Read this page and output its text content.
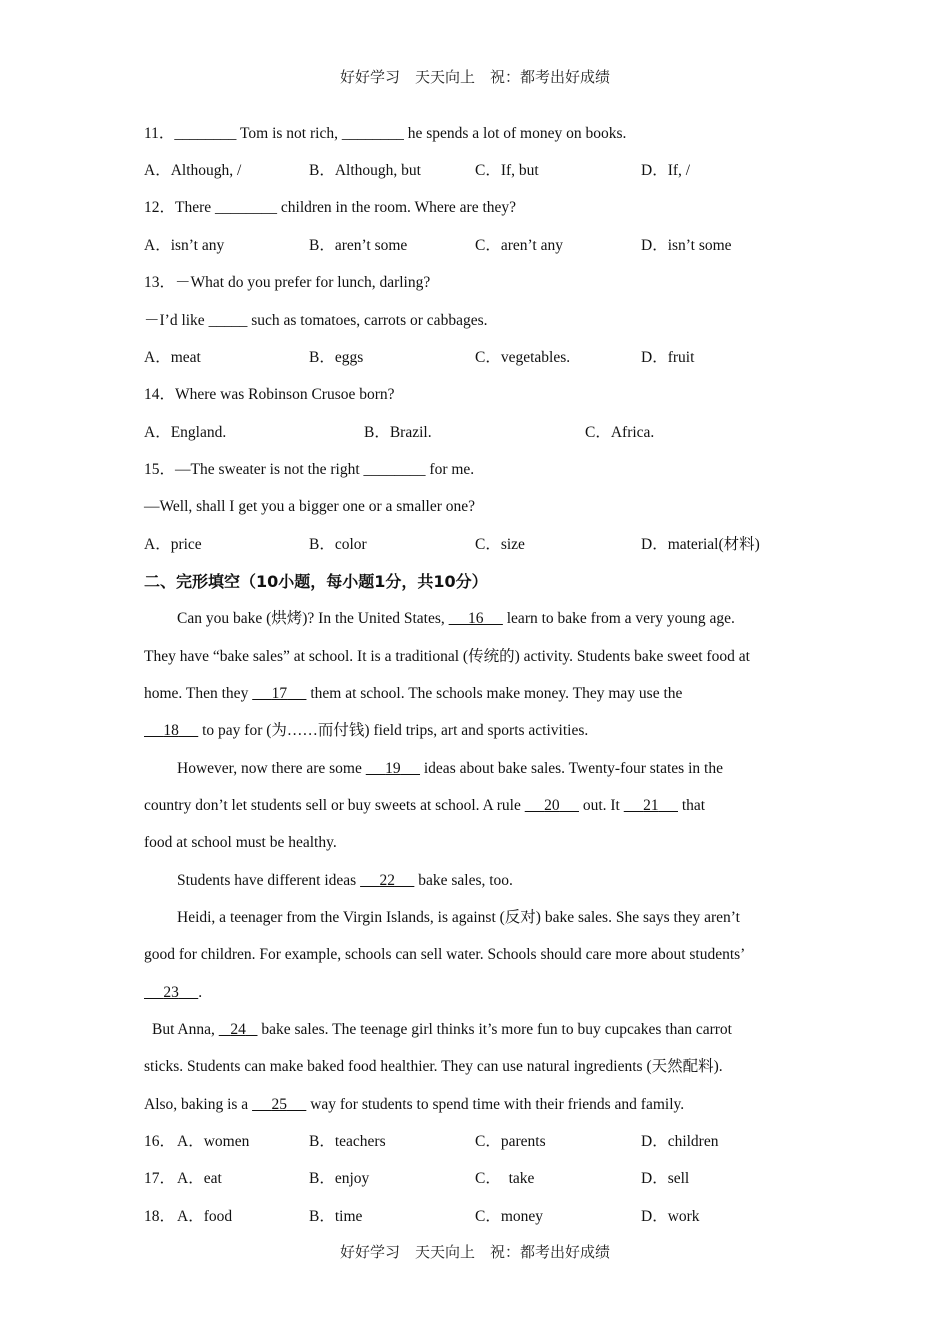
好好学习　天天向上　祝：都考出好成绩
11．________ Tom is not rich, ________ he spends a lot of money on books.
A．Although, /	B．Although, but	C．If, but	D．If, /
12．There ________ children in the room. Where are they?
A．isn’t any	B．aren’t some	C．aren’t any	D．isn’t some
13．－What do you prefer for lunch, darling?
－I’d like _____ such as tomatoes, carrots or cabbages.
A．meat	B．eggs	C．vegetables.	D．fruit
14．Where was Robinson Crusoe born?
A．England.	B．Brazil.	C．Africa.
15．—The sweater is not the right ________ for me.
—Well, shall I get you a bigger one or a smaller one?
A．price	B．color	C．size	D．material(材料)
二、完形填空（10小题，每小题1分，共10分）
Can you bake (烘烤)? In the United States,      16      learn to bake from a very young age.
They have “bake sales” at school. It is a traditional (传统的) activity. Students bake sweet food at
home. Then they      17      them at school. The schools make money. They may use the
18      to pay for (为……而付钱) field trips, art and sports activities.
However, now there are some      19      ideas about bake sales. Twenty-four states in the
country don’t let students sell or buy sweets at school. A rule      20      out. It      21      that
food at school must be healthy.
Students have different ideas      22      bake sales, too.
Heidi, a teenager from the Virgin Islands, is against (反对) bake sales. She says they aren’t
good for children. For example, schools can sell water. Schools should care more about students’
23 .
But Anna,    24    bake sales. The teenage girl thinks it’s more fun to buy cupcakes than carrot
sticks. Students can make baked food healthier. They can use natural ingredients (天然配料).
Also, baking is a      25      way for students to spend time with their friends and family.
16． A．women	B．teachers	C．parents	D．children
17． A．eat	B．enjoy	C．　take	D．sell
18． A．food	B．time	C．money	D．work
好好学习　天天向上　祝：都考出好成绩
